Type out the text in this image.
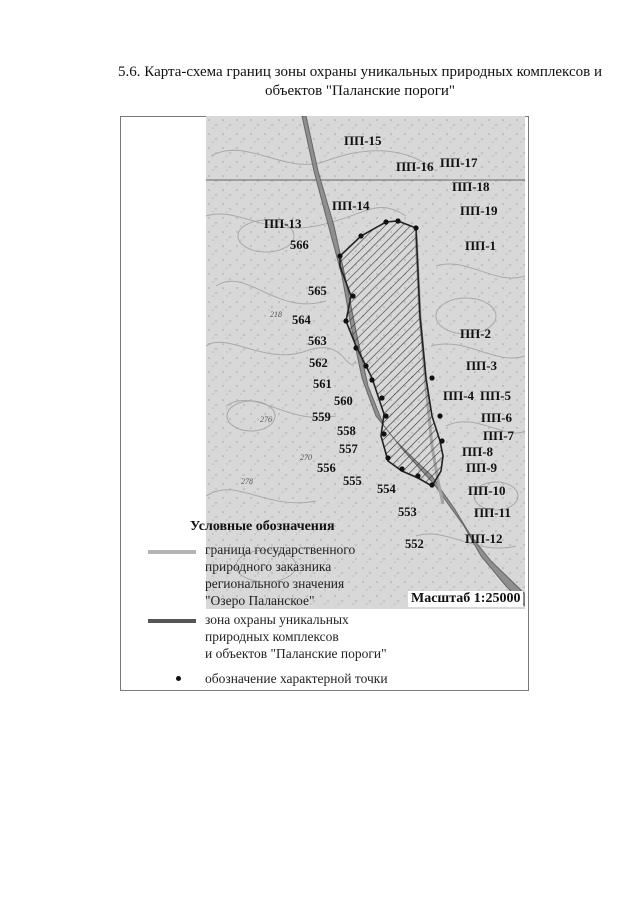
5.6. Карта-схема границ зоны охраны уникальных природных комплексов и
объектов "Паланские пороги"
ПП-15
ПП-16 ПП-17
ПП-18
ПП-14	ПП-19
ПП-13
ПП-1
ПП-2
ПП-3
ПП-4 ПП-5
ПП-6
ПП-7
ПП-8
ПП-9
ПП-10
ПП-11
ПП-12
566
565
564
563
562
561
560
559
558
557
556
555
554
553
552
218
276
270
278
Условные обозначения
граница государственного
природного заказника
регионального значения
"Озеро Паланское"
зона охраны уникальных
природных комплексов
и объектов "Паланские пороги"
обозначение характерной точки
Масштаб 1:25000
